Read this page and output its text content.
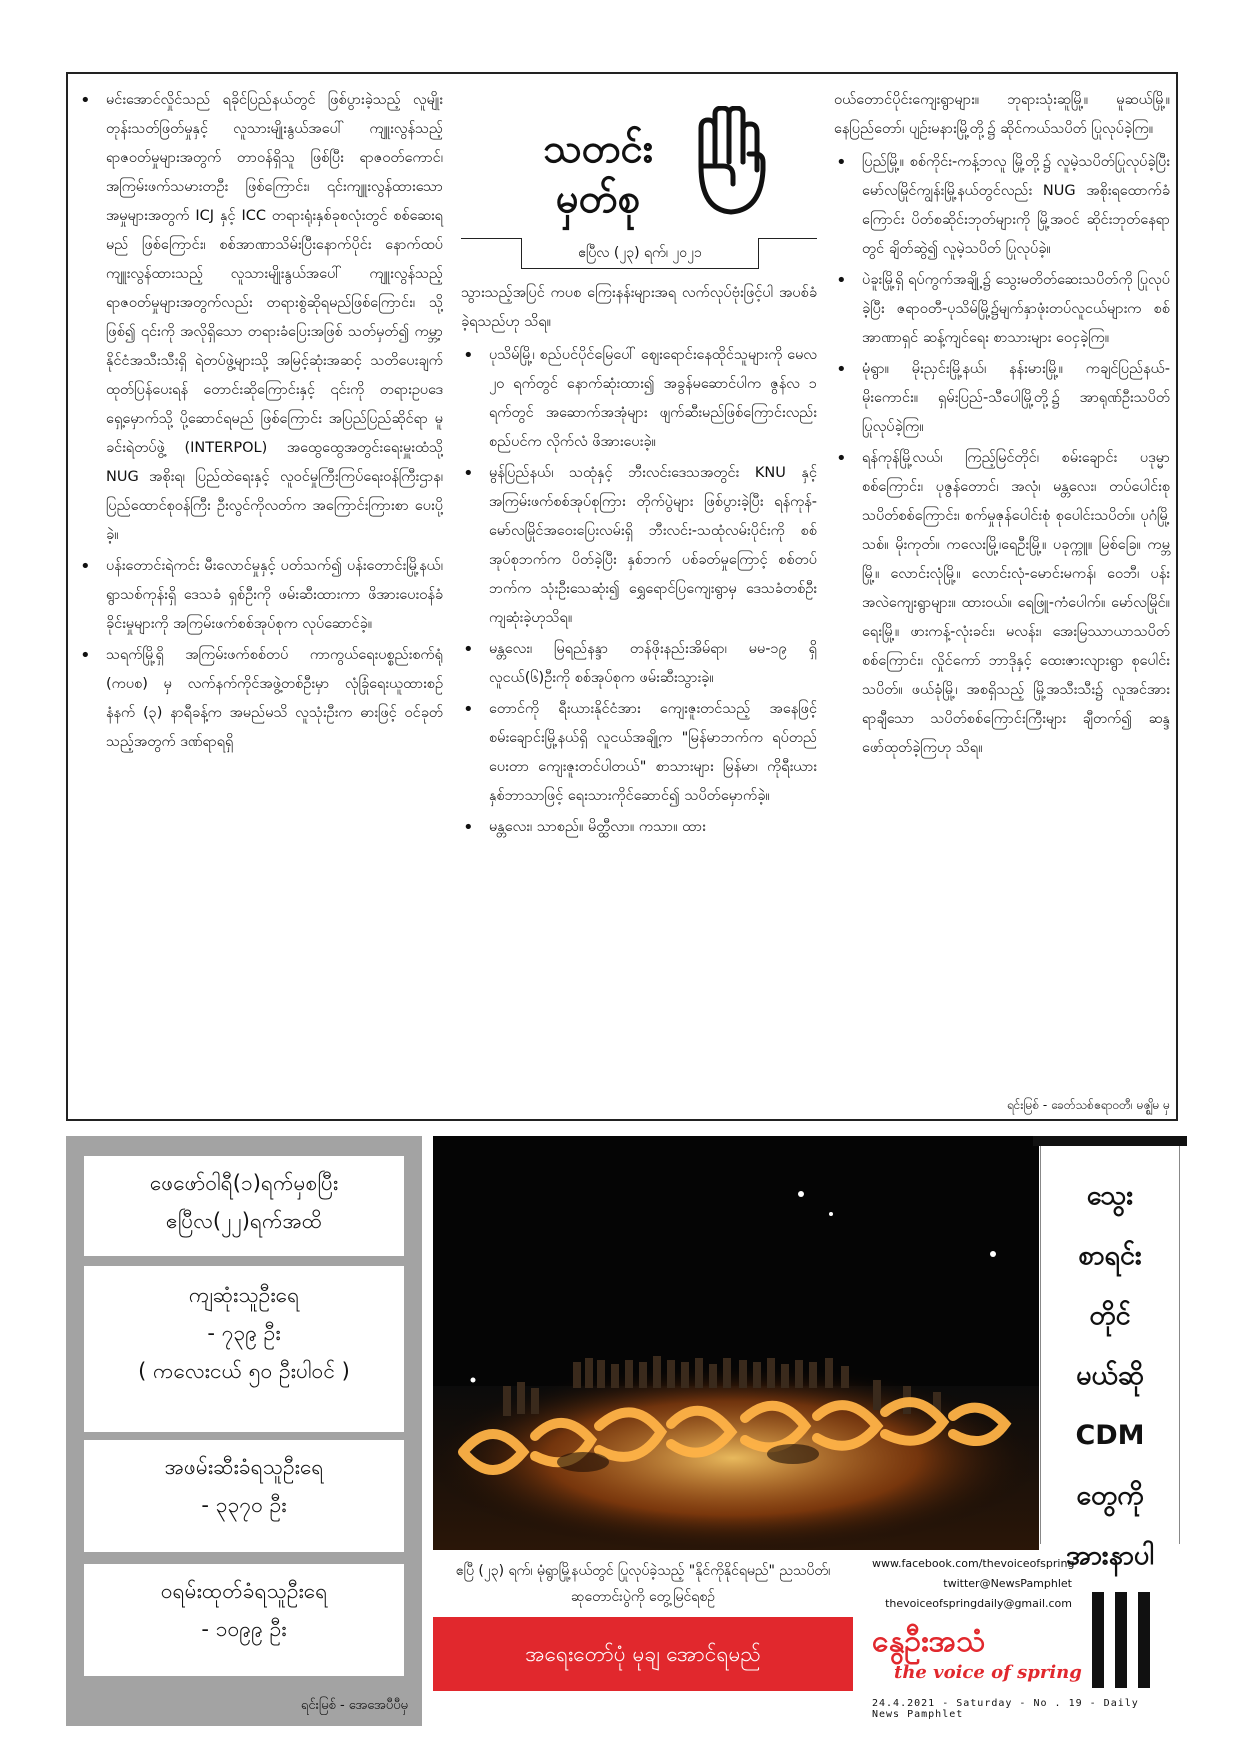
• မင်းအောင်လှိုင်သည် ရခိုင်ပြည်နယ်တွင် ဖြစ်ပွားခဲ့သည့် လူမျိုးတုန်းသတ်ဖြတ်မှုနှင့် လူသားမျိုးနွယ်အပေါ် ကျူးလွန်သည့် ရာဇဝတ်မှုများအတွက် တာဝန်ရှိသူ ဖြစ်ပြီး ရာဇဝတ်ကောင်၊ အကြမ်းဖက်သမားတဦး ဖြစ်ကြောင်း၊ ၎င်းကျူးလွန်ထားသော အမှုများအတွက် ICJ နှင့် ICC တရားရုံးနှစ်ခုစလုံးတွင် စစ်ဆေးရမည် ဖြစ်ကြောင်း၊ စစ်အာဏာသိမ်းပြီးနောက်ပိုင်း နောက်ထပ် ကျူးလွန်ထားသည့် လူသားမျိုးနွယ်အပေါ် ကျူးလွန်သည့် ရာဇဝတ်မှုများအတွက်လည်း တရားစွဲဆိုရမည်ဖြစ်ကြောင်း၊ သို့ဖြစ်၍ ၎င်းကို အလိုရှိသော တရားခံပြေးအဖြစ် သတ်မှတ်၍ ကမ္ဘာ့နိုင်ငံအသီးသီးရှိ ရဲတပ်ဖွဲ့များသို့ အမြင့်ဆုံးအဆင့် သတိပေးချက် ထုတ်ပြန်ပေးရန် တောင်းဆိုကြောင်းနှင့် ၎င်းကို တရားဥပဒေရှေ့မှောက်သို့ ပို့ဆောင်ရမည် ဖြစ်ကြောင်း အပြည်ပြည်ဆိုင်ရာ မူခင်းရဲတပ်ဖွဲ့ (INTERPOL) အထွေထွေအတွင်းရေးမှူးထံသို့ NUG အစိုးရ၊ ပြည်ထဲရေးနှင့် လူဝင်မှုကြီးကြပ်ရေးဝန်ကြီးဌာန၊ ပြည်ထောင်စုဝန်ကြီး ဦးလွင်ကိုလတ်က အကြောင်းကြားစာ ပေးပို့ခဲ့။
• ပန်းတောင်းရဲကင်း မီးလောင်မှုနှင့် ပတ်သက်၍ ပန်းတောင်းမြို့နယ်၊ ရွာသစ်ကုန်းရှိ ဒေသခံ ရှစ်ဦးကို ဖမ်းဆီးထားကာ ဖိအားပေးဝန်ခံခိုင်းမှုများကို အကြမ်းဖက်စစ်အုပ်စုက လုပ်ဆောင်ခဲ့။
• သရက်မြို့ရှိ အကြမ်းဖက်စစ်တပ် ကာကွယ်ရေးပစ္စည်းစက်ရုံ (ကပစ) မှ လက်နက်ကိုင်အဖွဲ့တစ်ဦးမှာ လုံခြုံရေးယူထားစဉ် နံနက် (၃) နာရီခန့်က အမည်မသိ လူသုံးဦးက ဓားဖြင့် ဝင်ခုတ်သည့်အတွက် ဒဏ်ရာရရှိ
သတင်း
မှတ်စု
ဧပြီလ (၂၃) ရက်၊ ၂၀၂၁

သွားသည့်အပြင် ကပစ ကြေးနန်းများအရ လက်လုပ်ဗုံးဖြင့်ပါ အပစ်ခံခဲ့ရသည်ဟု သိရ။

• ပုသိမ်မြို့၊ စည်ပင်ပိုင်မြေပေါ် ဈေးရောင်းနေထိုင်သူများကို မေလ ၂၀ ရက်တွင် နောက်ဆုံးထား၍ အခွန်မဆောင်ပါက ဇွန်လ ၁ ရက်တွင် အဆောက်အအုံများ ဖျက်ဆီးမည်ဖြစ်ကြောင်းလည်း စည်ပင်က လိုက်လံ ဖိအားပေးခဲ့။
• မွန်ပြည်နယ်၊ သထုံနှင့် ဘီးလင်းဒေသအတွင်း KNU နှင့် အကြမ်းဖက်စစ်အုပ်စုကြား တိုက်ပွဲများ ဖြစ်ပွားခဲ့ပြီး ရန်ကုန်-မော်လမြိုင်အဝေးပြေးလမ်းရှိ ဘီးလင်း-သထုံလမ်းပိုင်းကို စစ်အုပ်စုဘက်က ပိတ်ခဲ့ပြီး နှစ်ဘက် ပစ်ခတ်မှုကြောင့် စစ်တပ်ဘက်က သုံးဦးသေဆုံး၍ ရွှေရောင်ပြကျေးရွာမှ ဒေသခံတစ်ဦးကျဆုံးခဲ့ဟုသိရ။
• မန္တလေး၊ မြရည်နန္ဒာ တန်ဖိုးနည်းအိမ်ရာ၊ မမ-၁၉ ရှိ လူငယ်(၆)ဦးကို စစ်အုပ်စုက ဖမ်းဆီးသွားခဲ့။
• တောင်ကို ရီးယားနိုင်ငံအား ကျေးဇူးတင်သည့် အနေဖြင့် စမ်းချောင်းမြို့နယ်ရှိ လူငယ်အချို့က "မြန်မာဘက်က ရပ်တည်ပေးတာ ကျေးဇူးတင်ပါတယ်" စာသားများ မြန်မာ၊ ကိုရီးယား နှစ်ဘာသာဖြင့် ရေးသားကိုင်ဆောင်၍ သပိတ်မှောက်ခဲ့။
• မန္တလေး၊ သာစည်။ မိတ္ထီလာ။ ကသာ။ ထား

ဝယ်တောင်ပိုင်းကျေးရွာများ။ ဘုရားသုံးဆူမြို့။ မူဆယ်မြို့။ နေပြည်တော်၊ ပျဉ်းမနားမြို့တို့၌ ဆိုင်ကယ်သပိတ် ပြုလုပ်ခဲ့ကြ။

• ပြည်မြို့။ စစ်ကိုင်း-ကန့်ဘလူ မြို့တို့၌ လူမဲ့သပိတ်ပြုလုပ်ခဲ့ပြီး မော်လမြိုင်ကျွန်းမြို့နယ်တွင်လည်း NUG အစိုးရထောက်ခံကြောင်း ပိတ်စဆိုင်းဘုတ်များကို မြို့အဝင် ဆိုင်းဘုတ်နေရာတွင် ချိတ်ဆွဲ၍ လူမဲ့သပိတ် ပြုလုပ်ခဲ့။
• ပဲခူးမြို့ရှိ ရပ်ကွက်အချို့၌ သွေးမတိတ်ဆေးသပိတ်ကို ပြုလုပ်ခဲ့ပြီး ဇရာဝတီ-ပုသိမ်မြို့၌မျက်နှာဖုံးတပ်လူငယ်များက စစ်အာဏာရှင် ဆန့်ကျင်ရေး စာသားများ ဝေငှခဲ့ကြ။
• မုံရွာ။ မိုးညှင်းမြို့နယ်၊ နန်းမားမြို့။ ကချင်ပြည်နယ်-မိုးကောင်း။ ရှမ်းပြည်-သီပေါမြို့တို့၌ အာရုဏ်ဦးသပိတ် ပြုလုပ်ခဲ့ကြ။
• ရန်ကုန်မြို့လယ်၊ ကြည့်မြင်တိုင်၊ စမ်းချောင်း ပဒုမ္မာစစ်ကြောင်း၊ ပုဇွန်တောင်၊ အလုံ၊ မန္တလေး၊ တပ်ပေါင်းစု သပိတ်စစ်ကြောင်း၊ စက်မှုဇုန်ပေါင်းစုံ စုပေါင်းသပိတ်။ ပုဂံမြို့သစ်။ မိုးကုတ်။ ကလေးမြို့၊ရေဦးမြို့။ ပခုက္ကူ။ မြစ်ခြေ။ ကမ္ဘမြို့။ လောင်းလုံမြို့။ လောင်းလုံ-မောင်းမကန်၊ ဝေဘီ၊ ပန်းအလဲကျေးရွာများ။ ထားဝယ်။ ရေဖြူ-ကံပေါက်။ မော်လမြိုင်။ ရေးမြို့။ ဖားကန့်-လုံးခင်း၊ မလန်း၊ အေးမြဿာယာသပိတ်စစ်ကြောင်း၊ လှိုင်ကော် ဘာဒိုနှင့် ထေးဇားလျားရွာ စုပေါင်းသပိတ်။ ဖယ်ခုံမြို့၊ အစရှိသည့် မြို့အသီးသီး၌ လူအင်အား ရာချီသော သပိတ်စစ်ကြောင်းကြီးများ ချီတက်၍ ဆန္ဒဖော်ထုတ်ခဲ့ကြဟု သိရ။
ရင်းမြစ် - ခေတ်သစ်ဧရာဝတီ၊ မဇ္ဈိမ မှ
ဖေဖော်ဝါရီ(၁)ရက်မှစပြီး
ဧပြီလ(၂၂)ရက်အထိ
ကျဆုံးသူဦးရေ
- ၇၃၉ ဦး
( ကလေးငယ် ၅၀ ဦးပါဝင် )
အဖမ်းဆီးခံရသူဦးရေ
- ၃၃၇၀ ဦး
ဝရမ်းထုတ်ခံရသူဦးရေ
- ၁၀၉၉ ဦး
ရင်းမြစ် - အေအေပီပီမှ
ဧပြီ (၂၃) ရက်၊ မုံရွာမြို့နယ်တွင် ပြုလုပ်ခဲ့သည့် "နိုင်ကိုနိုင်ရမည်" ညသပိတ်၊ ဆုတောင်းပွဲကို တွေ့မြင်ရစဉ်
အရေးတော်ပုံ မုချ အောင်ရမည်
သွေး
စာရင်း
တိုင်
မယ်ဆို
CDM
တွေကို
အားနာပါ
www.facebook.com/thevoiceofspring
twitter@NewsPamphlet
thevoiceofspringdaily@gmail.com
နွေဦးအသံ
the voice of spring
24.4.2021 - Saturday - No . 19 - Daily News Pamphlet
